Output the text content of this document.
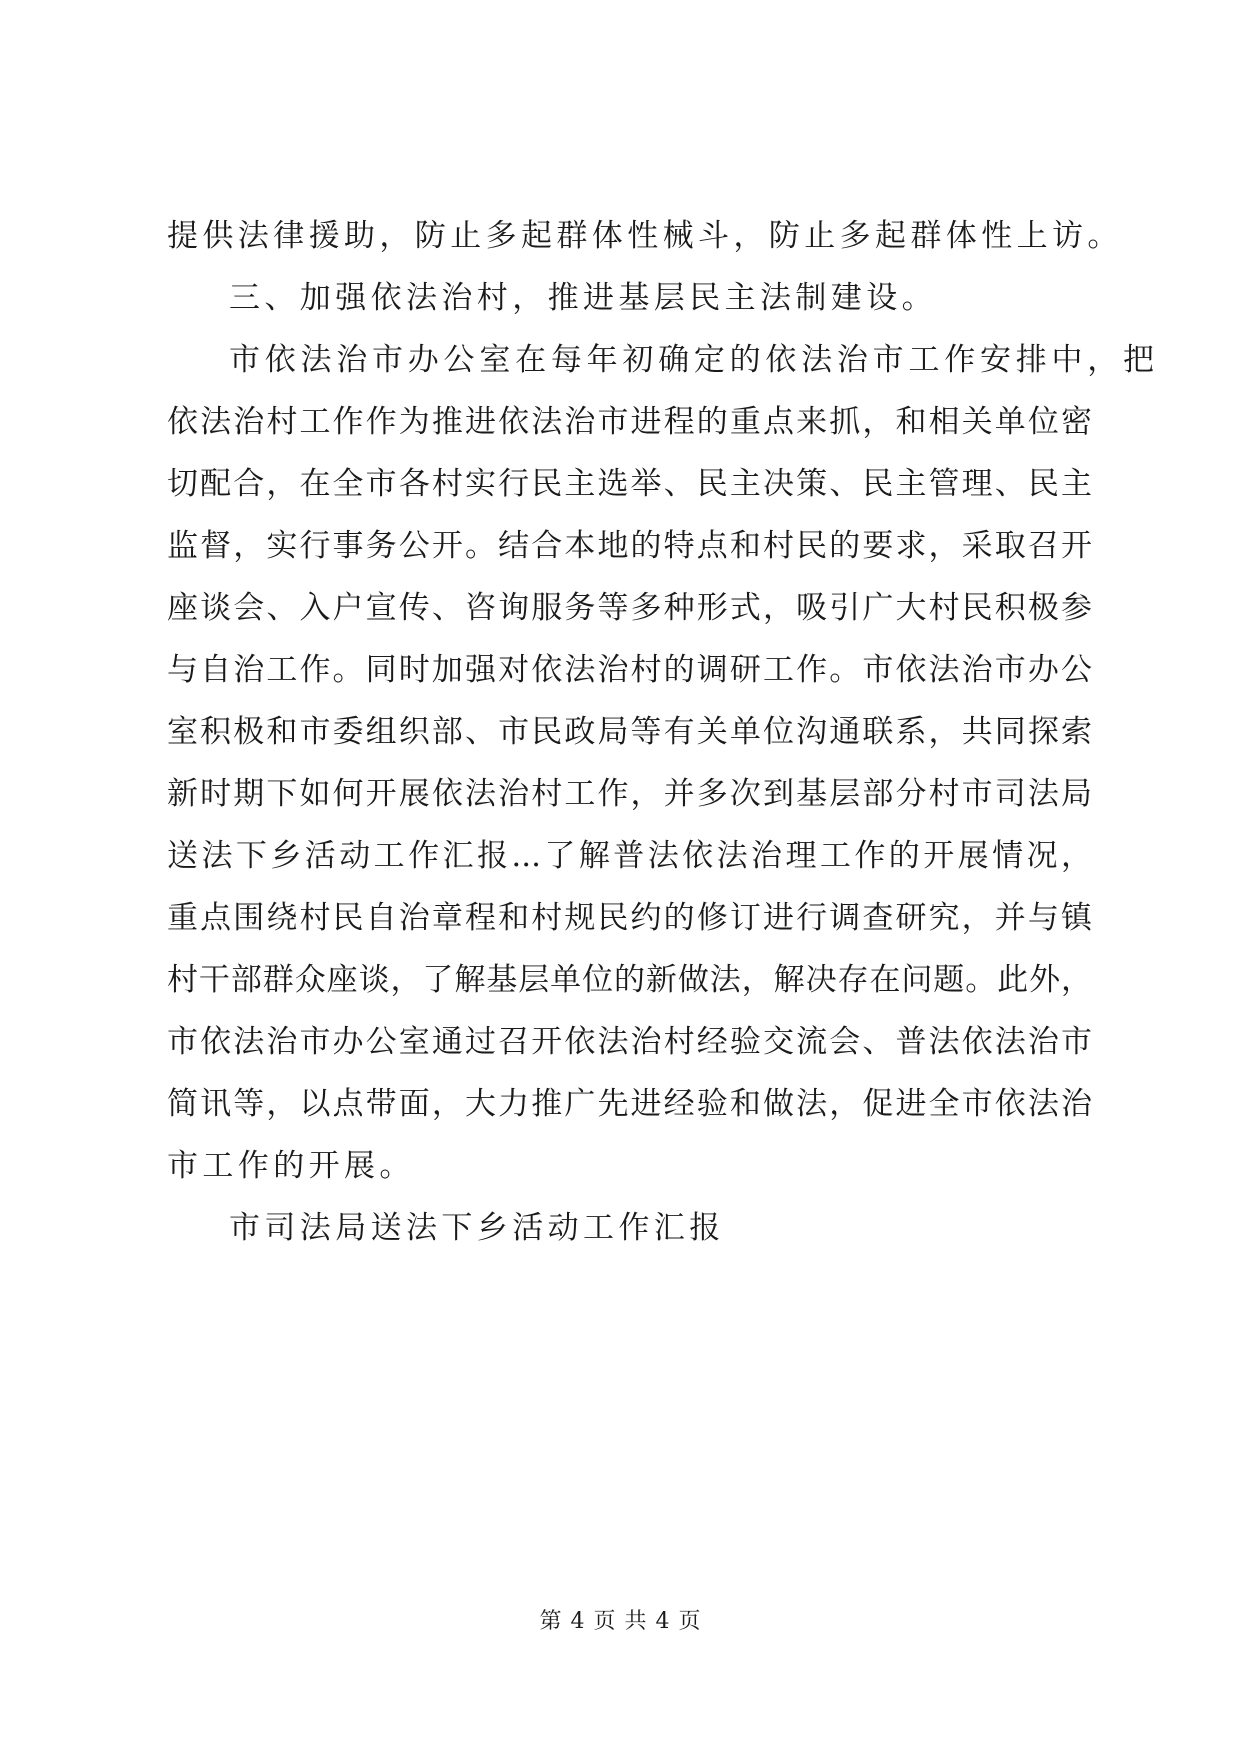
提供法律援助，防止多起群体性械斗，防止多起群体性上访。
三、加强依法治村，推进基层民主法制建设。
市依法治市办公室在每年初确定的依法治市工作安排中，把
依法治村工作作为推进依法治市进程的重点来抓，和相关单位密
切配合，在全市各村实行民主选举、民主决策、民主管理、民主
监督，实行事务公开。结合本地的特点和村民的要求，采取召开
座谈会、入户宣传、咨询服务等多种形式，吸引广大村民积极参
与自治工作。同时加强对依法治村的调研工作。市依法治市办公
室积极和市委组织部、市民政局等有关单位沟通联系，共同探索
新时期下如何开展依法治村工作，并多次到基层部分村市司法局
送法下乡活动工作汇报...了解普法依法治理工作的开展情况，
重点围绕村民自治章程和村规民约的修订进行调查研究，并与镇
村干部群众座谈，了解基层单位的新做法，解决存在问题。此外，
市依法治市办公室通过召开依法治村经验交流会、普法依法治市
简讯等，以点带面，大力推广先进经验和做法，促进全市依法治
市工作的开展。
市司法局送法下乡活动工作汇报
第 4 页 共 4 页
